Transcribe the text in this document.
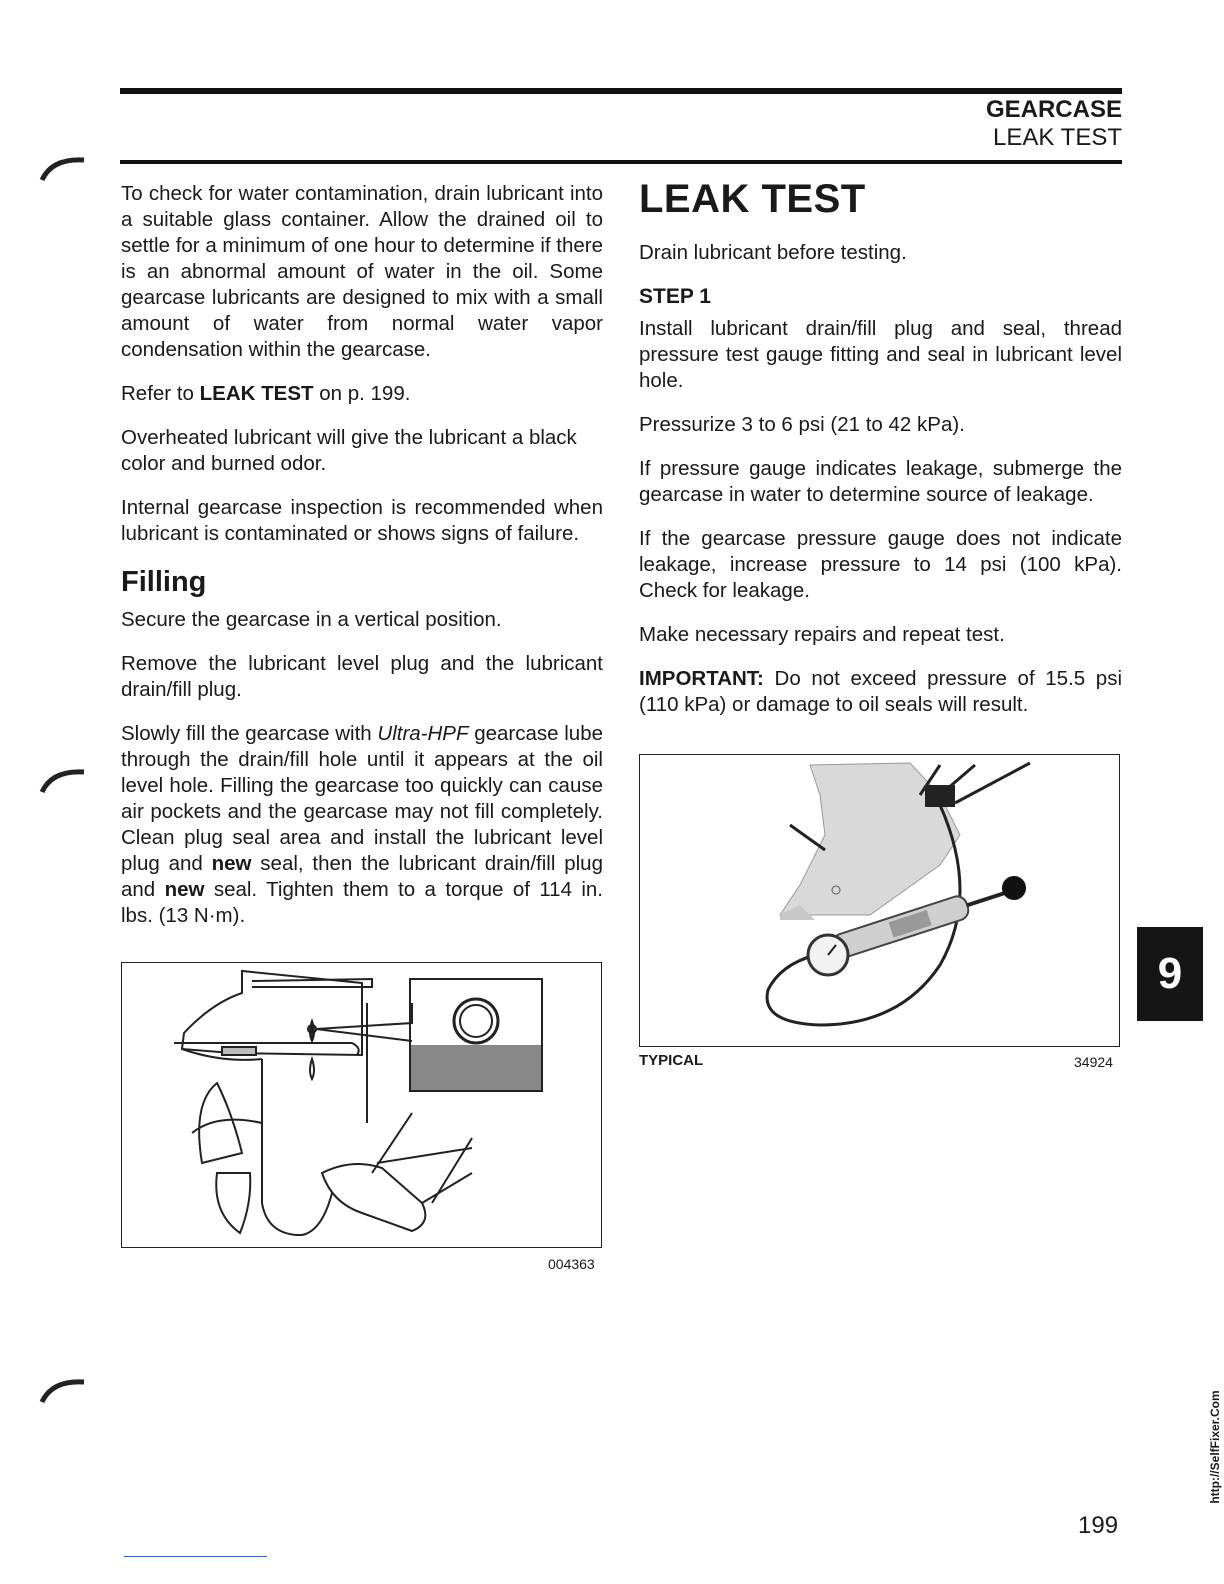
GEARCASE
LEAK TEST

To check for water contamination, drain lubricant into a suitable glass container. Allow the drained oil to settle for a minimum of one hour to determine if there is an abnormal amount of water in the oil. Some gearcase lubricants are designed to mix with a small amount of water from normal water vapor condensation within the gearcase.

Refer to LEAK TEST on p. 199.

Overheated lubricant will give the lubricant a black color and burned odor.

Internal gearcase inspection is recommended when lubricant is contaminated or shows signs of failure.

Filling

Secure the gearcase in a vertical position.

Remove the lubricant level plug and the lubricant drain/fill plug.

Slowly fill the gearcase with Ultra-HPF gearcase lube through the drain/fill hole until it appears at the oil level hole. Filling the gearcase too quickly can cause air pockets and the gearcase may not fill completely. Clean plug seal area and install the lubricant level plug and new seal, then the lubricant drain/fill plug and new seal. Tighten them to a torque of 114 in. lbs. (13 N·m).

004363
LEAK TEST

Drain lubricant before testing.

STEP 1

Install lubricant drain/fill plug and seal, thread pressure test gauge fitting and seal in lubricant level hole.

Pressurize 3 to 6 psi (21 to 42 kPa).

If pressure gauge indicates leakage, submerge the gearcase in water to determine source of leakage.

If the gearcase pressure gauge does not indicate leakage, increase pressure to 14 psi (100 kPa). Check for leakage.

Make necessary repairs and repeat test.

IMPORTANT: Do not exceed pressure of 15.5 psi (110 kPa) or damage to oil seals will result.

TYPICAL	34924
9
http://SelfFixer.Com
199
